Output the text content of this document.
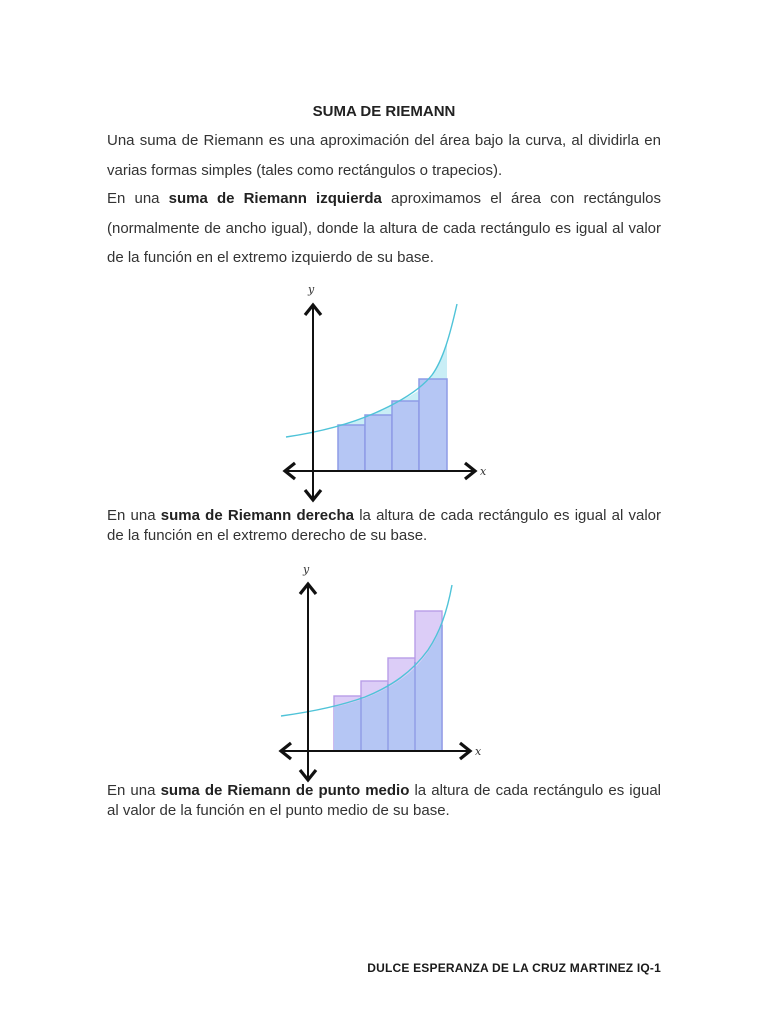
SUMA DE RIEMANN
Una suma de Riemann es una aproximación del área bajo la curva, al dividirla en varias formas simples (tales como rectángulos o trapecios).
En una suma de Riemann izquierda aproximamos el área con rectángulos (normalmente de ancho igual), donde la altura de cada rectángulo es igual al valor de la función en el extremo izquierdo de su base.
y
x
En una suma de Riemann derecha la altura de cada rectángulo es igual al valor de la función en el extremo derecho de su base.
y
x
En una suma de Riemann de punto medio la altura de cada rectángulo es igual al valor de la función en el punto medio de su base.
DULCE ESPERANZA DE LA CRUZ MARTINEZ IQ-1
